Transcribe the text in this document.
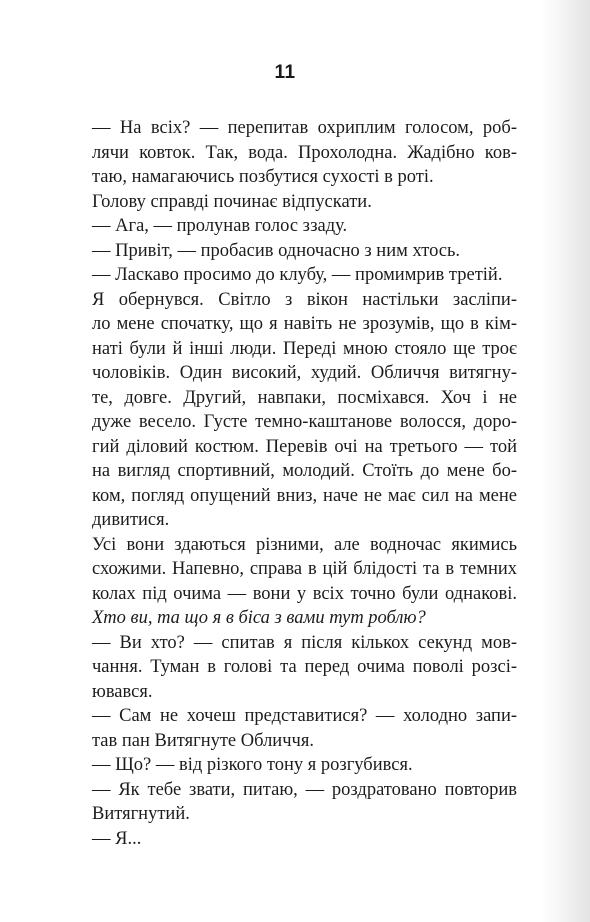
11
— На всіх? — перепитав охриплим голосом, роб-
лячи ковток. Так, вода. Прохолодна. Жадібно ков-
таю, намагаючись позбутися сухості в роті.
Голову справді починає відпускати.
— Ага, — пролунав голос ззаду.
— Привіт, — пробасив одночасно з ним хтось.
— Ласкаво просимо до клубу, — промимрив третій.
Я обернувся. Світло з вікон настільки засліпи-
ло мене спочатку, що я навіть не зрозумів, що в кім-
наті були й інші люди. Переді мною стояло ще троє
чоловіків. Один високий, худий. Обличчя витягну-
те, довге. Другий, навпаки, посміхався. Хоч і не
дуже весело. Густе темно-каштанове волосся, доро-
гий діловий костюм. Перевів очі на третього — той
на вигляд спортивний, молодий. Стоїть до мене бо-
ком, погляд опущений вниз, наче не має сил на мене
дивитися.
Усі вони здаються різними, але водночас якимись
схожими. Напевно, справа в цій блідості та в темних
колах під очима — вони у всіх точно були однакові.
Хто ви, та що я в біса з вами тут роблю?
— Ви хто? — спитав я після кількох секунд мов-
чання. Туман в голові та перед очима поволі розсі-
ювався.
— Сам не хочеш представитися? — холодно запи-
тав пан Витягнуте Обличчя.
— Що? — від різкого тону я розгубився.
— Як тебе звати, питаю, — роздратовано повторив
Витягнутий.
— Я...
